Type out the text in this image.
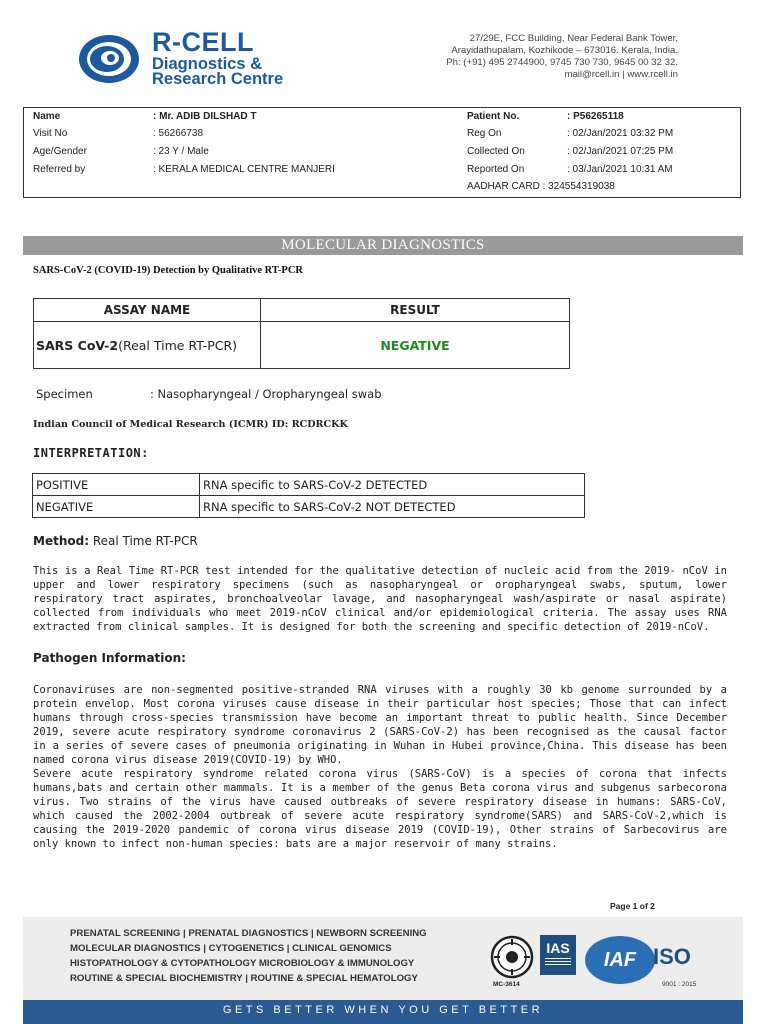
R-CELL
Diagnostics &
Research Centre
27/29E, FCC Building, Near Federal Bank Tower,
Arayidathupalam, Kozhikode – 673016. Kerala, India.
Ph: (+91) 495 2744900, 9745 730 730, 9645 00 32 32.
mail@rcell.in | www.rcell.in
Name	: Mr. ADIB DILSHAD T
Visit No	: 56266738
Age/Gender	: 23 Y / Male
Referred by	: KERALA MEDICAL CENTRE MANJERI
Patient No.	: P56265118
Reg On	: 02/Jan/2021 03:32 PM
Collected On	: 02/Jan/2021 07:25 PM
Reported On	: 03/Jan/2021 10:31 AM
AADHAR CARD : 324554319038
MOLECULAR DIAGNOSTICS
SARS-CoV-2 (COVID-19) Detection by Qualitative RT-PCR
ASSAY NAME	RESULT
SARS CoV-2(Real Time RT-PCR)	NEGATIVE
Specimen	: Nasopharyngeal / Oropharyngeal swab
Indian Council of Medical Research (ICMR) ID: RCDRCKK
INTERPRETATION:
POSITIVE	RNA specific to SARS-CoV-2 DETECTED
NEGATIVE	RNA specific to SARS-CoV-2 NOT DETECTED
Method: Real Time RT-PCR
This is a Real Time RT-PCR test intended for the qualitative detection of nucleic acid from the 2019- nCoV in upper and lower respiratory specimens (such as nasopharyngeal or oropharyngeal swabs, sputum, lower respiratory tract aspirates, bronchoalveolar lavage, and nasopharyngeal wash/aspirate or nasal aspirate) collected from individuals who meet 2019-nCoV clinical and/or epidemiological criteria. The assay uses RNA extracted from clinical samples. It is designed for both the screening and specific detection of 2019-nCoV.
Pathogen Information:
Coronaviruses are non-segmented positive-stranded RNA viruses with a roughly 30 kb genome surrounded by a protein envelop. Most corona viruses cause disease in their particular host species; Those that can infect humans through cross-species transmission have become an important threat to public health. Since December 2019, severe acute respiratory syndrome coronavirus 2 (SARS-CoV-2) has been recognised as the causal factor in a series of severe cases of pneumonia originating in Wuhan in Hubei province,China. This disease has been named corona virus disease 2019(COVID-19) by WHO.
Severe acute respiratory syndrome related corona virus (SARS-CoV) is a species of corona that infects humans,bats and certain other mammals. It is a member of the genus Beta corona virus and subgenus sarbecorona virus. Two strains of the virus have caused outbreaks of severe respiratory disease in humans: SARS-CoV, which caused the 2002-2004 outbreak of severe acute respiratory syndrome(SARS) and SARS-CoV-2,which is causing the 2019-2020 pandemic of corona virus disease 2019 (COVID-19), Other strains of Sarbecovirus are only known to infect non-human species: bats are a major reservoir of many strains.
Page 1 of 2
PRENATAL SCREENING | PRENATAL DIAGNOSTICS | NEWBORN SCREENING
MOLECULAR DIAGNOSTICS | CYTOGENETICS | CLINICAL GENOMICS
HISTOPATHOLOGY & CYTOPATHOLOGY MICROBIOLOGY & IMMUNOLOGY
ROUTINE & SPECIAL BIOCHEMISTRY | ROUTINE & SPECIAL HEMATOLOGY
MC-3614
IAS
IAF ISO
9001 : 2015
GETS BETTER WHEN YOU GET BETTER
